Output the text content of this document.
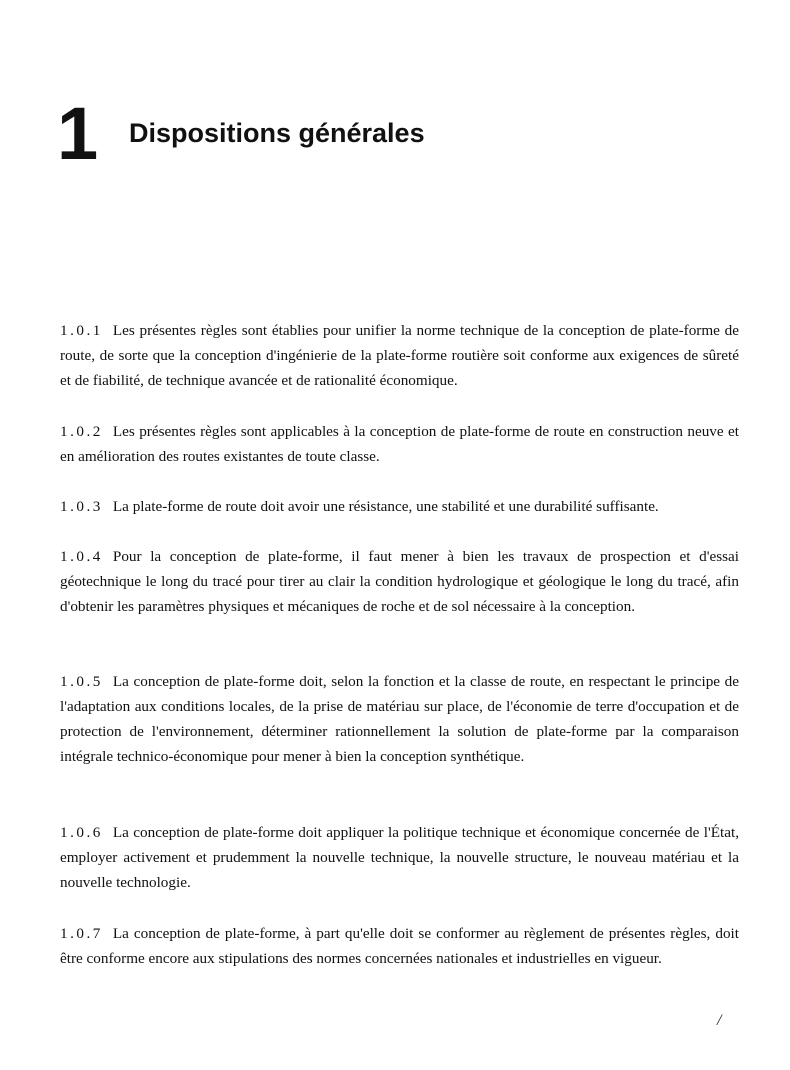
1 Dispositions générales

1.0.1 Les présentes règles sont établies pour unifier la norme technique de la conception de plate-forme de route, de sorte que la conception d'ingénierie de la plate-forme routière soit conforme aux exigences de sûreté et de fiabilité, de technique avancée et de rationalité économique.

1.0.2 Les présentes règles sont applicables à la conception de plate-forme de route en construction neuve et en amélioration des routes existantes de toute classe.

1.0.3 La plate-forme de route doit avoir une résistance, une stabilité et une durabilité suffisante.

1.0.4 Pour la conception de plate-forme, il faut mener à bien les travaux de prospection et d'essai géotechnique le long du tracé pour tirer au clair la condition hydrologique et géologique le long du tracé, afin d'obtenir les paramètres physiques et mécaniques de roche et de sol nécessaire à la conception.

1.0.5 La conception de plate-forme doit, selon la fonction et la classe de route, en respectant le principe de l'adaptation aux conditions locales, de la prise de matériau sur place, de l'économie de terre d'occupation et de protection de l'environnement, déterminer rationnellement la solution de plate-forme par la comparaison intégrale technico-économique pour mener à bien la conception synthétique.

1.0.6 La conception de plate-forme doit appliquer la politique technique et économique concernée de l'État, employer activement et prudemment la nouvelle technique, la nouvelle structure, le nouveau matériau et la nouvelle technologie.

1.0.7 La conception de plate-forme, à part qu'elle doit se conformer au règlement de présentes règles, doit être conforme encore aux stipulations des normes concernées nationales et industrielles en vigueur.

/
